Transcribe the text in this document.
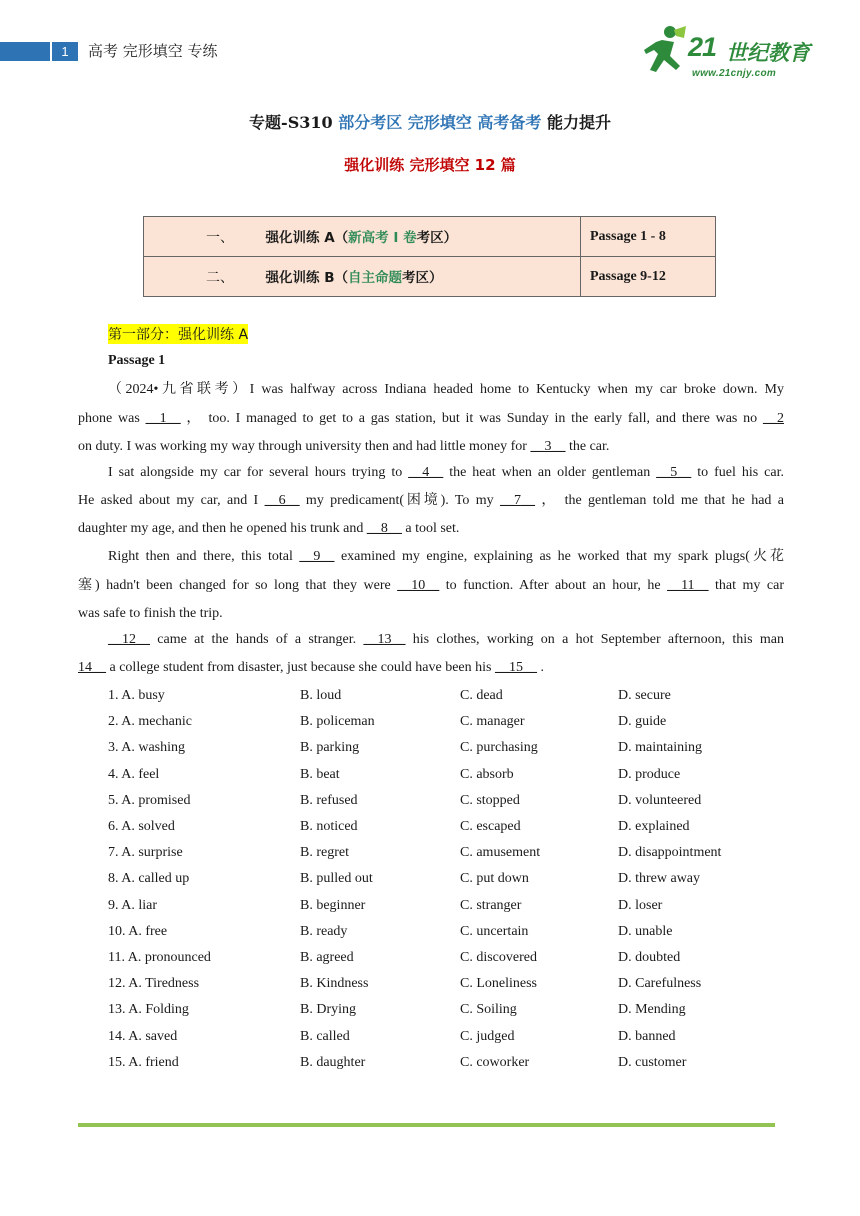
1	高考 完形填空 专练	21 世纪教育
www.21cnjy.com
专题-S310 部分考区 完形填空 高考备考 能力提升
强化训练 完形填空 12 篇
一、 强化训练 A（新高考 Ⅰ 卷考区）	Passage 1 - 8
二、 强化训练 B（自主命题考区）	Passage 9-12
第一部分：强化训练 A
Passage 1
（2024•九省联考）I was halfway across Indiana headed home to Kentucky when my car broke down. My
phone was __1__ ， too. I managed to get to a gas station, but it was Sunday in the early fall, and there was no __2
on duty. I was working my way through university then and had little money for __3__ the car.
I sat alongside my car for several hours trying to __4__ the heat when an older gentleman __5__ to fuel his car.
He asked about my car, and I __6__ my predicament(困境). To my __7__ ， the gentleman told me that he had a
daughter my age, and then he opened his trunk and __8__ a tool set.
Right then and there, this total __9__ examined my engine, explaining as he worked that my spark plugs(火花
塞) hadn't been changed for so long that they were __10__ to function. After about an hour, he __11__ that my car
was safe to finish the trip.
__12__ came at the hands of a stranger. __13__ his clothes, working on a hot September afternoon, this man
14__ a college student from disaster, just because she could have been his __15__ .
1. A. busy	B. loud	C. dead	D. secure
2. A. mechanic	B. policeman	C. manager	D. guide
3. A. washing	B. parking	C. purchasing	D. maintaining
4. A. feel	B. beat	C. absorb	D. produce
5. A. promised	B. refused	C. stopped	D. volunteered
6. A. solved	B. noticed	C. escaped	D. explained
7. A. surprise	B. regret	C. amusement	D. disappointment
8. A. called up	B. pulled out	C. put down	D. threw away
9. A. liar	B. beginner	C. stranger	D. loser
10. A. free	B. ready	C. uncertain	D. unable
11. A. pronounced	B. agreed	C. discovered	D. doubted
12. A. Tiredness	B. Kindness	C. Loneliness	D. Carefulness
13. A. Folding	B. Drying	C. Soiling	D. Mending
14. A. saved	B. called	C. judged	D. banned
15. A. friend	B. daughter	C. coworker	D. customer
